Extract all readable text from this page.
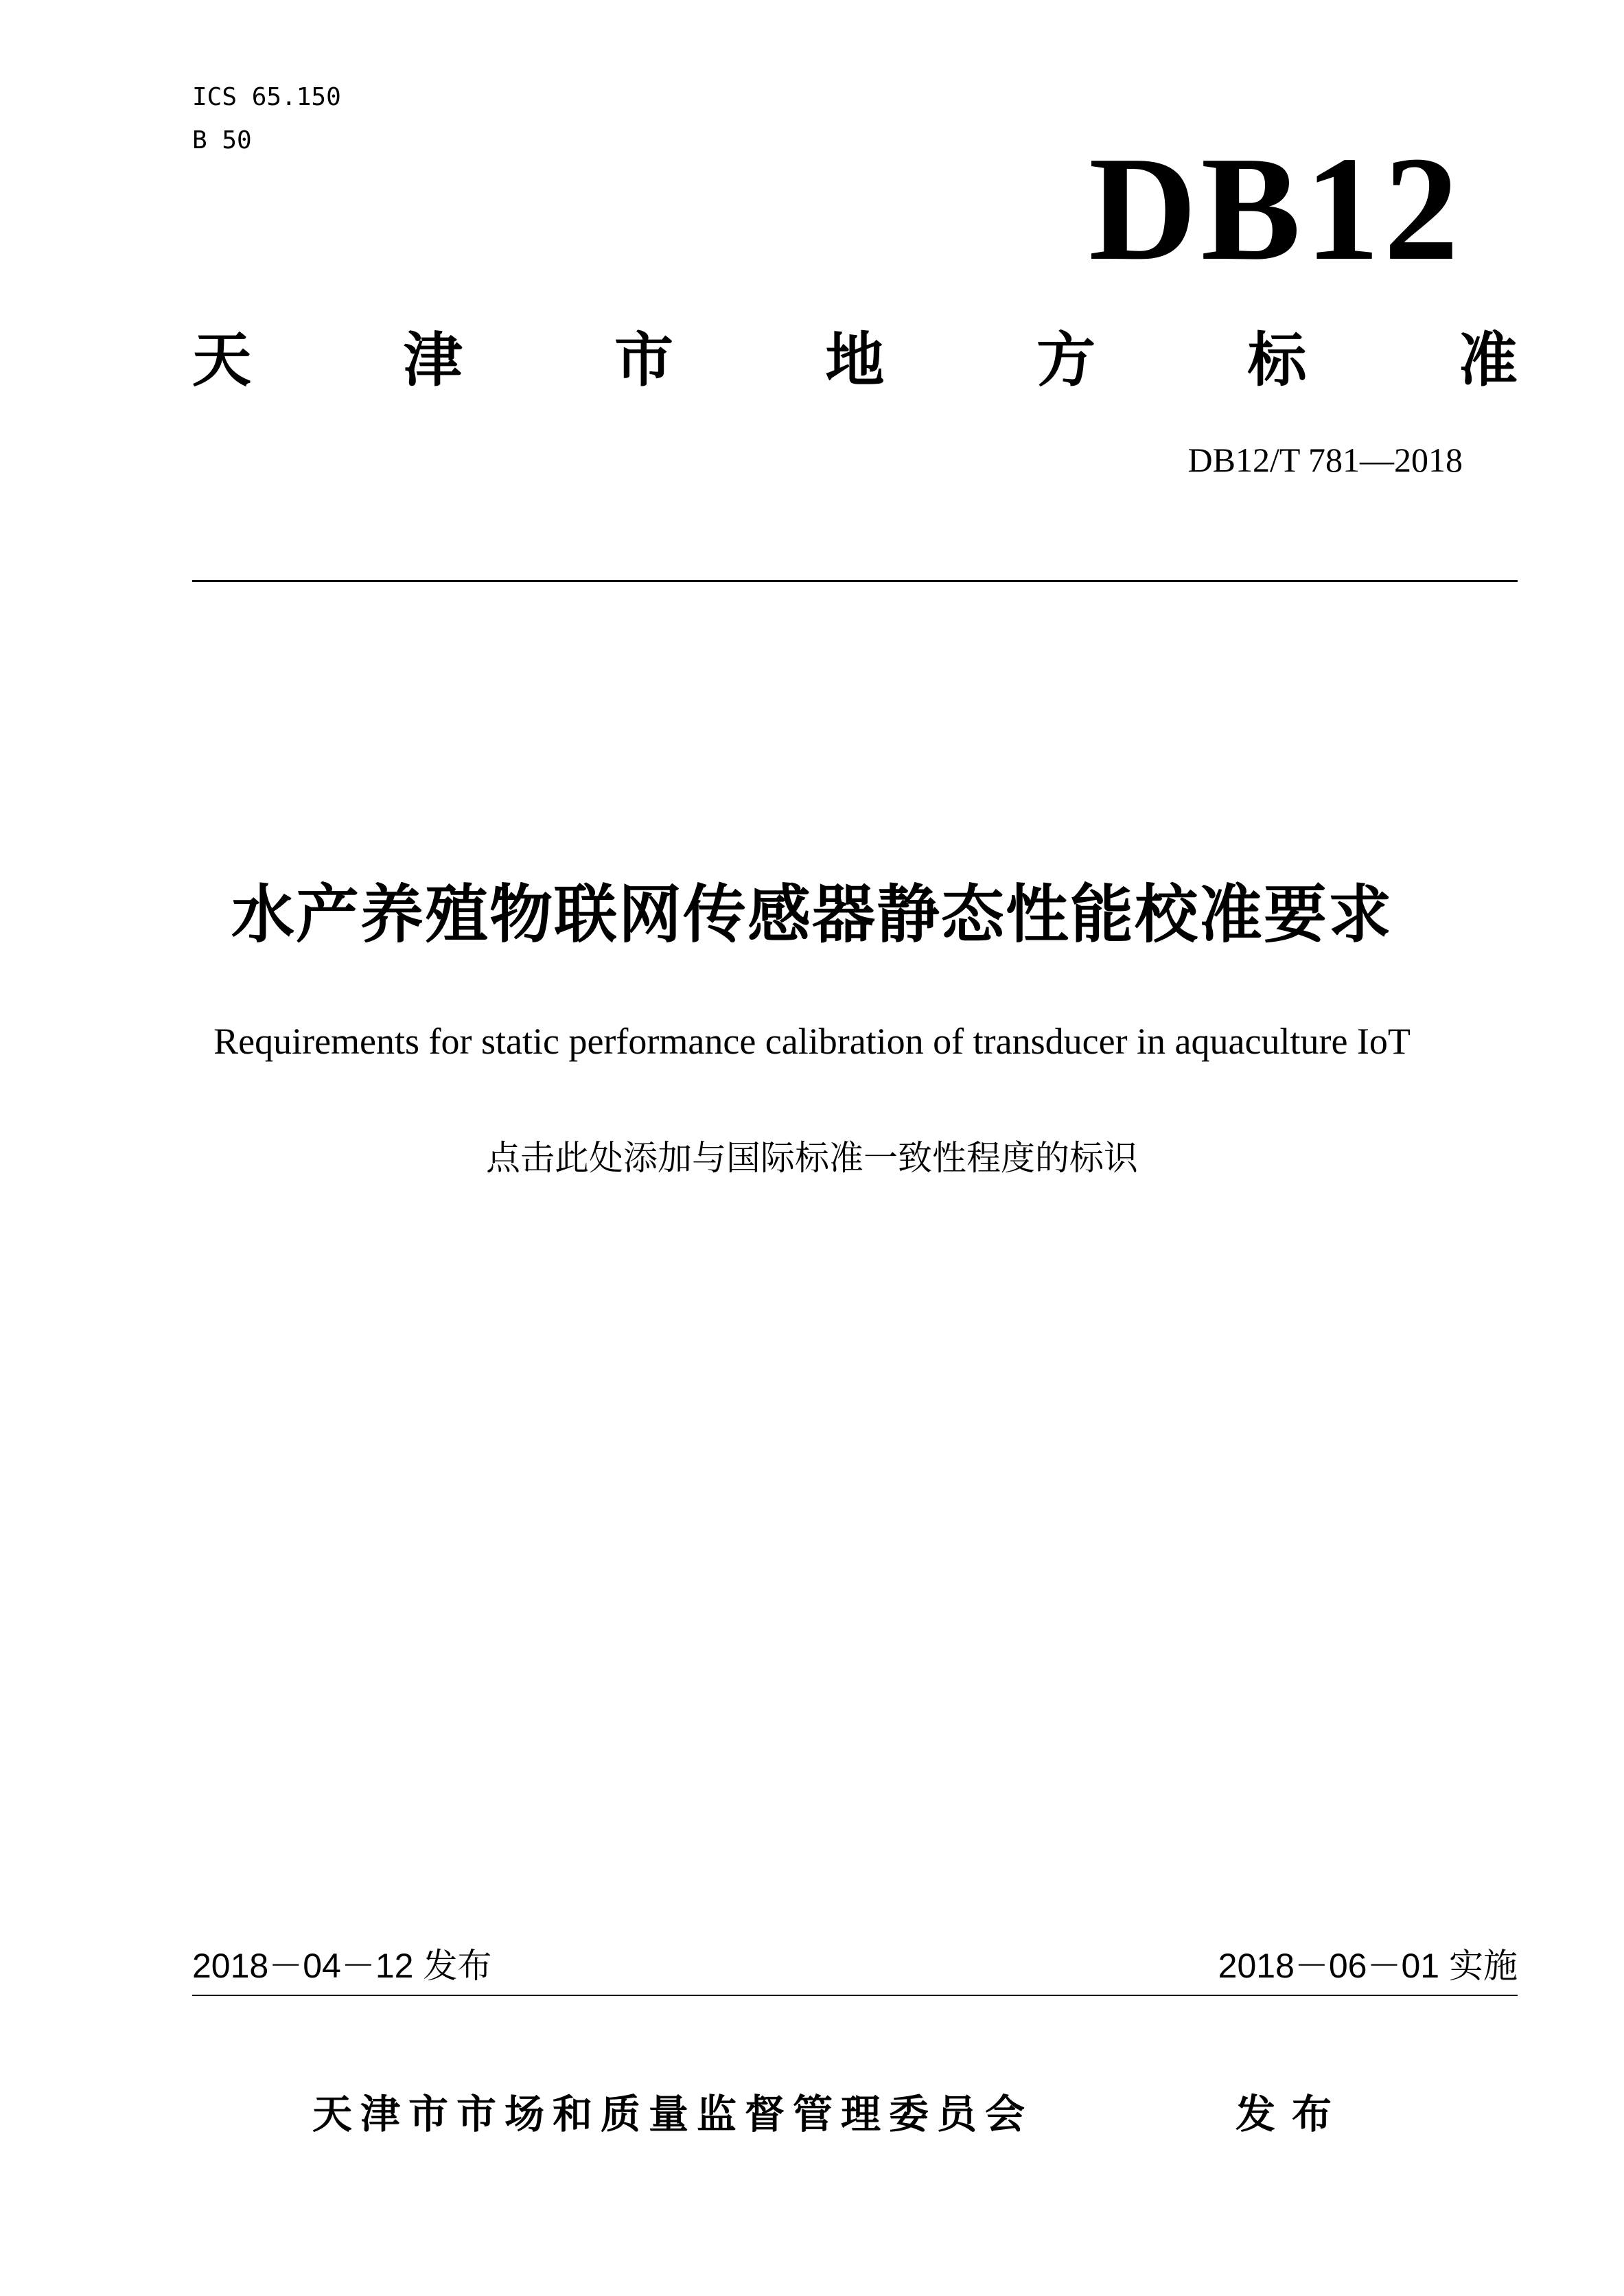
ICS 65.150
B 50	DB12
天	津	市	地	方	标	准
DB12/T 781—2018
水产养殖物联网传感器静态性能校准要求
Requirements for static performance calibration of transducer in aquaculture IoT
点击此处添加与国际标准一致性程度的标识
2018－04－12 发布	2018－06－01 实施
天津市市场和质量监督管理委员会	发布
